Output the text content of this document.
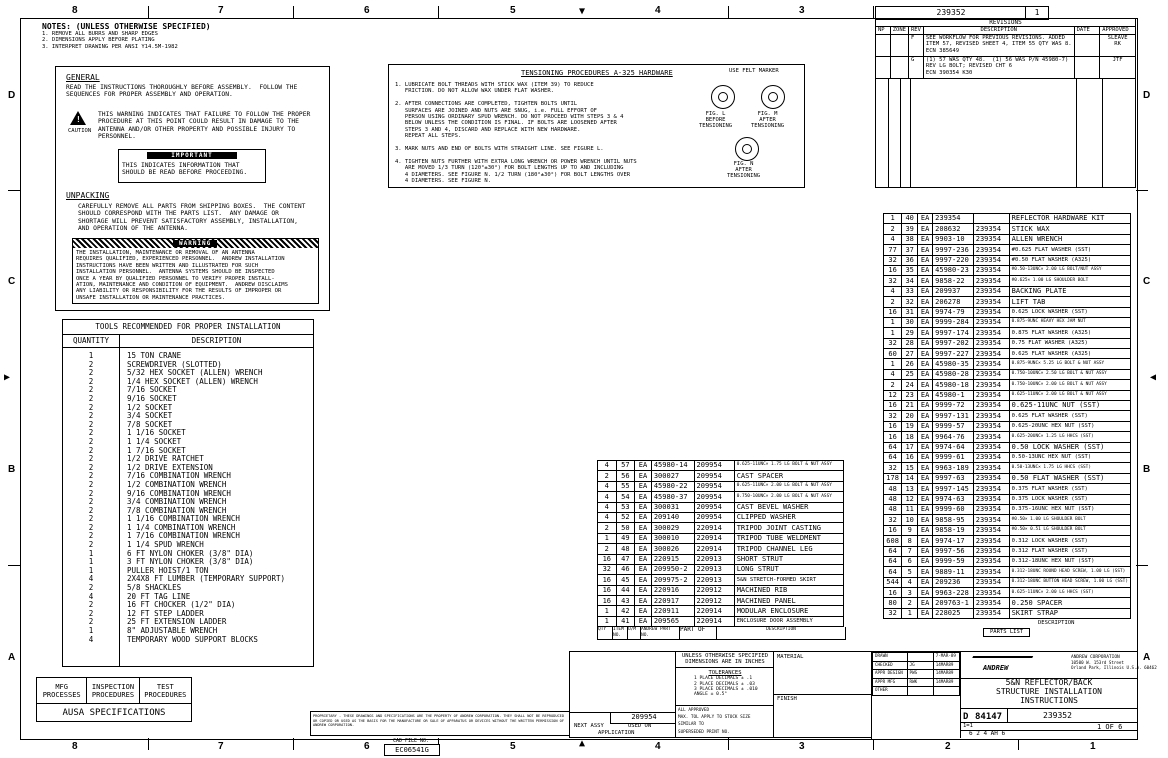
8	7	6	5	4	3
8	7	6	5	4	3	2	1
D
C
B
A
D
C
B
A
▶	◀
▼
▲
239352	1
NOTES: (UNLESS OTHERWISE SPECIFIED)
1. REMOVE ALL BURRS AND SHARP EDGES
2. DIMENSIONS APPLY BEFORE PLATING
3. INTERPRET DRAWING PER ANSI Y14.5M-1982
GENERAL
READ THE INSTRUCTIONS THOROUGHLY BEFORE ASSEMBLY.  FOLLOW THE
SEQUENCES FOR PROPER ASSEMBLY AND OPERATION.
!
CAUTION
THIS WARNING INDICATES THAT FAILURE TO FOLLOW THE PROPER
PROCEDURE AT THIS POINT COULD RESULT IN DAMAGE TO THE
ANTENNA AND/OR OTHER PROPERTY AND POSSIBLE INJURY TO
PERSONNEL.
IMPORTANT
THIS INDICATES INFORMATION THAT
SHOULD BE READ BEFORE PROCEEDING.
UNPACKING
CAREFULLY REMOVE ALL PARTS FROM SHIPPING BOXES.  THE CONTENT
SHOULD CORRESPOND WITH THE PARTS LIST.  ANY DAMAGE OR
SHORTAGE WILL PREVENT SATISFACTORY ASSEMBLY, INSTALLATION,
AND OPERATION OF THE ANTENNA.
WARNING
THE INSTALLATION, MAINTENANCE OR REMOVAL OF AN ANTENNA
REQUIRES QUALIFIED, EXPERIENCED PERSONNEL.  ANDREW INSTALLATION
INSTRUCTIONS HAVE BEEN WRITTEN AND ILLUSTRATED FOR SUCH
INSTALLATION PERSONNEL.  ANTENNA SYSTEMS SHOULD BE INSPECTED
ONCE A YEAR BY QUALIFIED PERSONNEL TO VERIFY PROPER INSTALL-
ATION, MAINTENANCE AND CONDITION OF EQUIPMENT.  ANDREW DISCLAIMS
ANY LIABILITY OR RESPONSIBILITY FOR THE RESULTS OF IMPROPER OR
UNSAFE INSTALLATION OR MAINTENANCE PRACTICES.
TENSIONING PROCEDURES A-325 HARDWARE
1. LUBRICATE BOLT THREADS WITH STICK WAX (ITEM 39) TO REDUCE
FRICTION. DO NOT ALLOW WAX UNDER FLAT WASHER.

2. AFTER CONNECTIONS ARE COMPLETED, TIGHTEN BOLTS UNTIL
SURFACES ARE JOINED AND NUTS ARE SNUG, i.e. FULL EFFORT OF
PERSON USING ORDINARY SPUD WRENCH. DO NOT PROCEED WITH STEPS 3 & 4
BELOW UNLESS THE CONDITION IS FINAL. IF BOLTS ARE LOOSENED AFTER
STEPS 3 AND 4, DISCARD AND REPLACE WITH NEW HARDWARE.
REPEAT ALL STEPS.

3. MARK NUTS AND END OF BOLTS WITH STRAIGHT LINE. SEE FIGURE L.

4. TIGHTEN NUTS FURTHER WITH EXTRA LONG WRENCH OR POWER WRENCH UNTIL NUTS
ARE MOVED 1/3 TURN (120°±30°) FOR BOLT LENGTHS UP TO AND INCLUDING
4 DIAMETERS. SEE FIGURE N. 1/2 TURN (180°±30°) FOR BOLT LENGTHS OVER
4 DIAMETERS. SEE FIGURE N.
USE FELT MARKER
FIG. L
BEFORE
TENSIONING
FIG. M
AFTER
TENSIONING
FIG. N
AFTER
TENSIONING
REVISIONS
NP	ZONE	REV	DESCRIPTION	DATE	APPROVED
		F	SEE WORKFLOW FOR PREVIOUS REVISIONS. ADDED
ITEM 57, REVISED SHEET 4, ITEM 55 QTY WAS 8.
ECN 385649		SLEAVE
RK
		G	(1) 57 WAS QTY 48.  (1) 56 WAS P/N 45980-7)
REV LG BOLT; REVISED CHT 6
ECN 390354 K30		JTF
TOOLS RECOMMENDED FOR PROPER INSTALLATION
QUANTITY	DESCRIPTION
1	15 TON CRANE
2	SCREWDRIVER (SLOTTED)
2	5/32 HEX SOCKET (ALLEN) WRENCH
2	1/4 HEX SOCKET (ALLEN) WRENCH
2	7/16 SOCKET
2	9/16 SOCKET
2	1/2 SOCKET
2	3/4 SOCKET
2	7/8 SOCKET
2	1 1/16 SOCKET
2	1 1/4 SOCKET
2	1 7/16 SOCKET
2	1/2 DRIVE RATCHET
2	1/2 DRIVE EXTENSION
2	7/16 COMBINATION WRENCH
2	1/2 COMBINATION WRENCH
2	9/16 COMBINATION WRENCH
2	3/4 COMBINATION WRENCH
2	7/8 COMBINATION WRENCH
2	1 1/16 COMBINATION WRENCH
2	1 1/4 COMBINATION WRENCH
2	1 7/16 COMBINATION WRENCH
2	1 1/4 SPUD WRENCH
1	6 FT NYLON CHOKER (3/8" DIA)
1	3 FT NYLON CHOKER (3/8" DIA)
1	PULLER HOIST/1 TON
4	2X4X8 FT LUMBER (TEMPORARY SUPPORT)
2	5/8 SHACKLES
4	20 FT TAG LINE
2	16 FT CHOCKER (1/2" DIA)
2	12 FT STEP LADDER
2	25 FT EXTENSION LADDER
1	8" ADJUSTABLE WRENCH
4	TEMPORARY WOOD SUPPORT BLOCKS
MFG
PROCESSES	INSPECTION
PROCEDURES	TEST
PROCEDURES
AUSA SPECIFICATIONS
1	40	EA	239354		REFLECTOR HARDWARE KIT
2	39	EA	208632	239354	STICK WAX
4	38	EA	9903-10	239354	ALLEN WRENCH
77	37	EA	9997-236	239354	#0.625 FLAT WASHER (SST)
32	36	EA	9997-220	239354	#0.50 FLAT WASHER (A325)
16	35	EA	45980-23	239354	#0.50-13UNC× 2.00 LG BOLT/NUT ASSY
32	34	EA	9858-22	239354	#0.625× 1.00 LG SHOULDER BOLT
4	33	EA	209937	239354	BACKING PLATE
2	32	EA	206278	239354	LIFT TAB
16	31	EA	9974-79	239354	0.625 LOCK WASHER (SST)
1	30	EA	9999-284	239354	0.875-9UNC HEAVY HEX JAM NUT
1	29	EA	9997-174	239354	0.875 FLAT WASHER (A325)
32	28	EA	9997-202	239354	0.75 FLAT WASHER (A325)
60	27	EA	9997-227	239354	0.625 FLAT WASHER (A325)
1	26	EA	45980-35	239354	0.875-9UNC× 5.25 LG BOLT & NUT ASSY
4	25	EA	45980-28	239354	0.750-10UNC× 2.50 LG BOLT & NUT ASSY
2	24	EA	45980-18	239354	0.750-10UNC× 2.00 LG BOLT & NUT ASSY
12	23	EA	45980-1	239354	0.625-11UNC× 2.00 LG BOLT & NUT ASSY
16	21	EA	9999-72	239354	0.625-11UNC NUT (SST)
32	20	EA	9997-131	239354	0.625 FLAT WASHER (SST)
16	19	EA	9999-57	239354	0.625-20UNC HEX NUT (SST)
16	18	EA	9964-76	239354	0.625-20UNC× 1.25 LG HHCS (SST)
64	17	EA	9974-64	239354	0.50 LOCK WASHER (SST)
64	16	EA	9999-61	239354	0.50-13UNC HEX NUT (SST)
32	15	EA	9963-189	239354	0.50-13UNC× 1.75 LG HHCS (SST)
178	14	EA	9997-63	239354	0.50 FLAT WASHER (SST)
48	13	EA	9997-145	239354	0.375 FLAT WASHER (SST)
48	12	EA	9974-63	239354	0.375 LOCK WASHER (SST)
48	11	EA	9999-60	239354	0.375-16UNC HEX NUT (SST)
32	10	EA	9858-95	239354	#0.50× 1.00 LG SHOULDER BOLT
16	9	EA	9858-19	239354	#0.50× 0.51 LG SHOULDER BOLT
608	8	EA	9974-17	239354	0.312 LOCK WASHER (SST)
64	7	EA	9997-56	239354	0.312 FLAT WASHER (SST)
64	6	EA	9999-59	239354	0.312-18UNC HEX NUT (SST)
64	5	EA	9889-11	239354	0.312-18UNC ROUND HEAD SCREW, 1.00 LG (SST)
544	4	EA	209236	239354	0.312-18UNC BUTTON HEAD SCREW, 1.00 LG (SST)
16	3	EA	9963-228	239354	0.625-11UNC× 2.00 LG HHCS (SST)
80	2	EA	209763-1	239354	0.250 SPACER
32	1	EA	228025	239354	SKIRT STRAP
DESCRIPTION
PARTS LIST
4	57	EA	45980-14	209954	0.625-11UNC× 1.75 LG BOLT & NUT ASSY
2	56	EA	300027	209954	CAST SPACER
4	55	EA	45980-22	209954	0.625-11UNC× 2.00 LG BOLT & NUT ASSY
4	54	EA	45980-37	209954	0.750-10UNC× 2.00 LG BOLT & NUT ASSY
4	53	EA	300031	209954	CAST BEVEL WASHER
4	52	EA	209140	209954	CLIPPED WASHER
2	50	EA	300029	220914	TRIPOD JOINT CASTING
1	49	EA	300010	220914	TRIPOD TUBE WELDMENT
2	48	EA	300026	220914	TRIPOD CHANNEL LEG
16	47	EA	220915	220913	SHORT STRUT
32	46	EA	209950-2	220913	LONG STRUT
16	45	EA	209975-2	220913	5&N STRETCH-FORMED SKIRT
16	44	EA	220916	220912	MACHINED RIB
16	43	EA	220917	220912	MACHINED PANEL
1	42	EA	220911	220914	MODULAR ENCLOSURE
1	41	EA	209565	220914	ENCLOSURE DOOR ASSEMBLY
QTY	ITEM NO.
U/M	ANDREW PART NO.
PART OF	DESCRIPTION
PROPRIETARY - THESE DRAWINGS AND SPECIFICATIONS ARE THE PROPERTY OF ANDREW CORPORATION. THEY SHALL NOT BE REPRODUCED OR COPIED OR USED AS THE BASIS FOR THE MANUFACTURE OR SALE OF APPARATUS OR DEVICES WITHOUT THE WRITTEN PERMISSION OF ANDREW CORPORATION.
CAD FILE NO.
EC06541G
209954
NEXT ASSY	USED ON
APPLICATION
UNLESS OTHERWISE SPECIFIED
DIMENSIONS ARE IN INCHES
TOLERANCES
1 PLACE DECIMALS ± .1
2 PLACE DECIMALS ± .03
3 PLACE DECIMALS ± .010
ANGLE ± 0.5°
ALL APPROVED
MAX. TOL APPLY TO STOCK SIZE
SIMILAR TO
SUPERSEDED PRINT NO.
MATERIAL
FINISH
DRAWN		7-MAR-89
CHECKED	JG	14MAR89
APPR DESIGN	PWS	14MAR89
APPR MFG	RWK	14MAR89
OTHER		
ANDREW
ANDREW CORPORATION
10500 W. 153rd Street
Orland Park, Illinois U.S.A. 60462
5&N REFLECTOR/BACK
STRUCTURE INSTALLATION
INSTRUCTIONS
D 84147	239352
1=1
6 2 4 AH 6
1 OF 6
